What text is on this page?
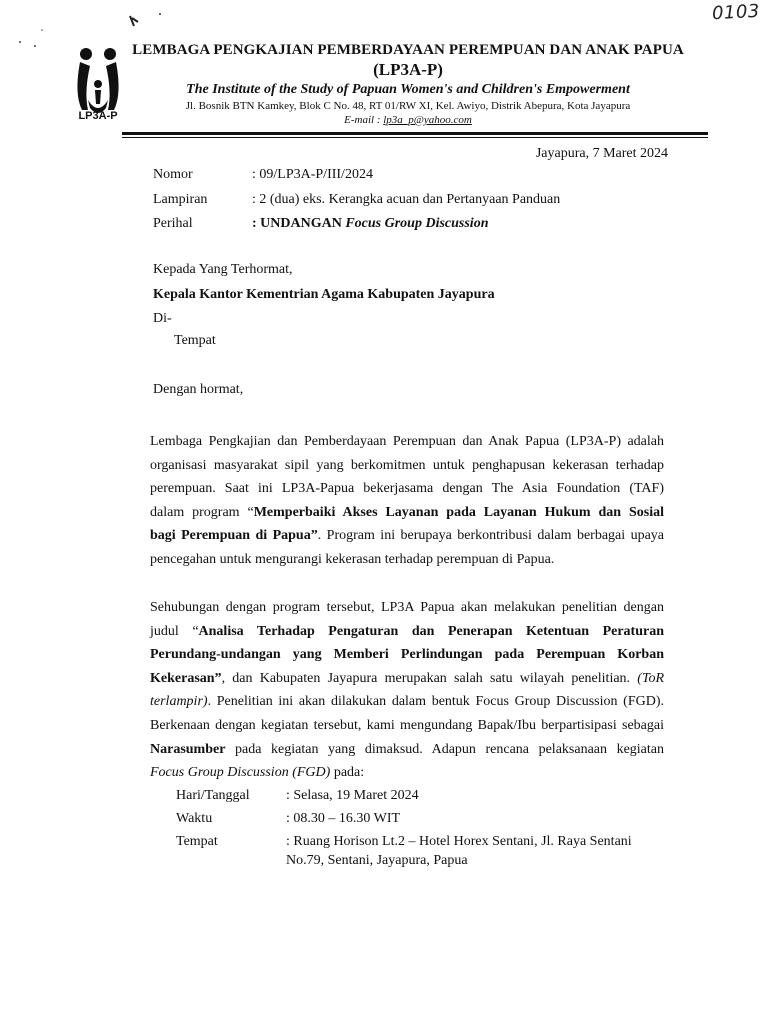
0103
LP3A-P
LEMBAGA PENGKAJIAN PEMBERDAYAAN PEREMPUAN DAN ANAK PAPUA
(LP3A-P)
The Institute of the Study of Papuan Women's and Children's Empowerment
Jl. Bosnik BTN Kamkey, Blok C No. 48, RT 01/RW XI, Kel. Awiyo, Distrik Abepura, Kota Jayapura
E-mail : lp3a_p@yahoo.com
Jayapura, 7 Maret 2024
Nomor	: 09/LP3A-P/III/2024
Lampiran	: 2 (dua) eks. Kerangka acuan dan Pertanyaan Panduan
Perihal	: UNDANGAN Focus Group Discussion
Kepada Yang Terhormat,
Kepala Kantor Kementrian Agama Kabupaten Jayapura
Di-
Tempat
Dengan hormat,
Lembaga Pengkajian dan Pemberdayaan Perempuan dan Anak Papua (LP3A-P) adalah
organisasi masyarakat sipil yang berkomitmen untuk penghapusan kekerasan terhadap
perempuan. Saat ini LP3A-Papua bekerjasama dengan The Asia Foundation (TAF)
dalam program “Memperbaiki Akses Layanan pada Layanan Hukum dan Sosial
bagi Perempuan di Papua”. Program ini berupaya berkontribusi dalam berbagai upaya
pencegahan untuk mengurangi kekerasan terhadap perempuan di Papua.
Sehubungan dengan program tersebut, LP3A Papua akan melakukan penelitian dengan
judul “Analisa Terhadap Pengaturan dan Penerapan Ketentuan Peraturan
Perundang-undangan yang Memberi Perlindungan pada Perempuan Korban
Kekerasan”, dan Kabupaten Jayapura merupakan salah satu wilayah penelitian. (ToR
terlampir). Penelitian ini akan dilakukan dalam bentuk Focus Group Discussion (FGD).
Berkenaan dengan kegiatan tersebut, kami mengundang Bapak/Ibu berpartisipasi sebagai
Narasumber pada kegiatan yang dimaksud. Adapun rencana pelaksanaan kegiatan
Focus Group Discussion (FGD) pada:
Hari/Tanggal	: Selasa, 19 Maret 2024
Waktu	: 08.30 – 16.30 WIT
Tempat	: Ruang Horison Lt.2 – Hotel Horex Sentani, Jl. Raya Sentani
No.79, Sentani, Jayapura, Papua
